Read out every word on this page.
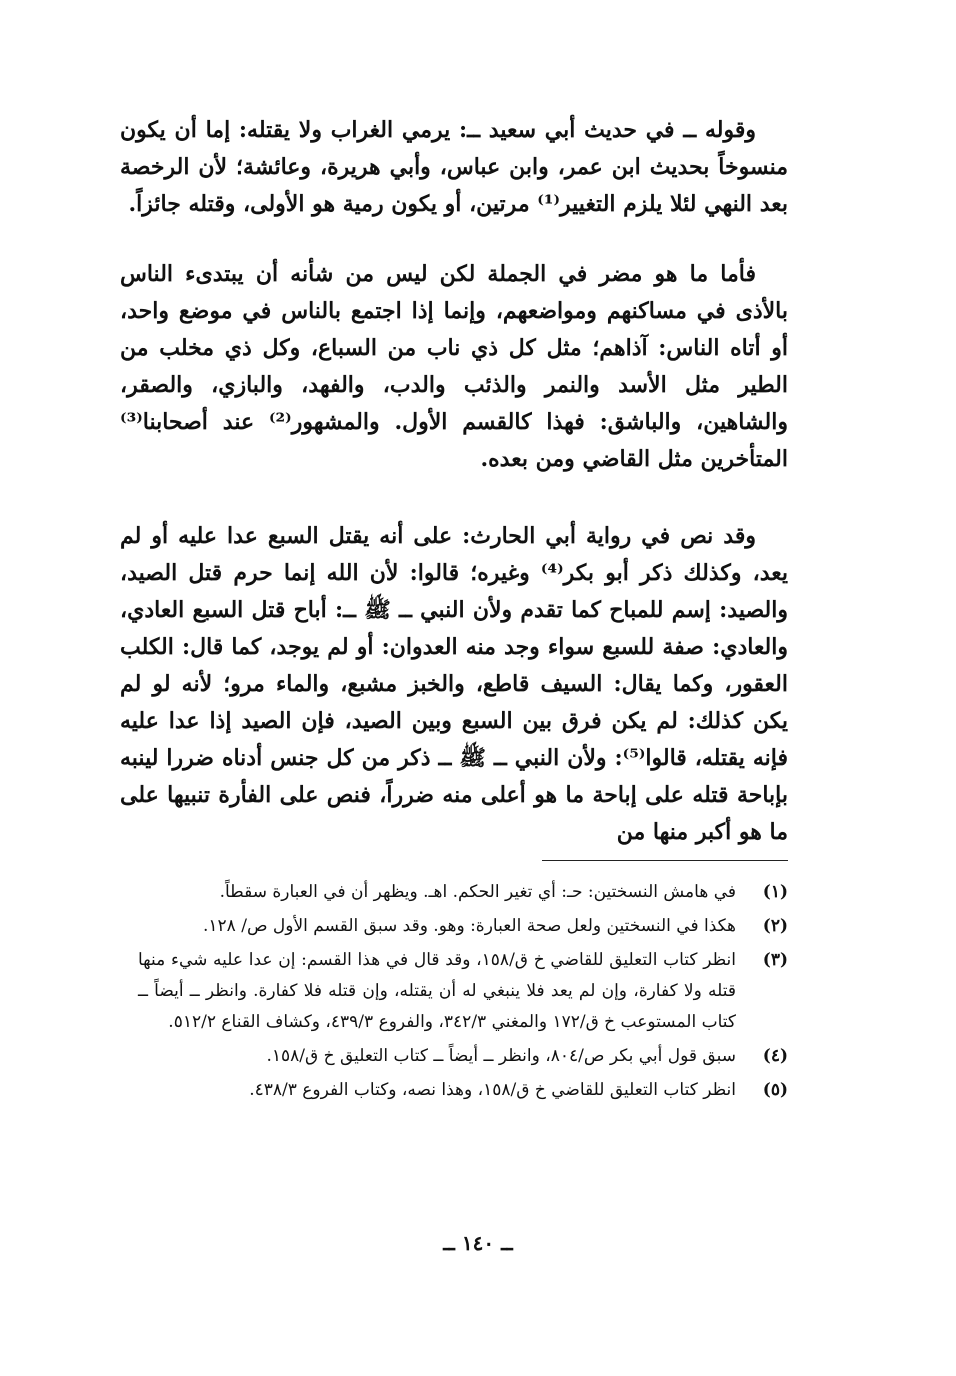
وقوله ــ في حديث أبي سعيد ــ: يرمي الغراب ولا يقتله: إما أن يكون منسوخاً بحديث ابن عمر، وابن عباس، وأبي هريرة، وعائشة؛ لأن الرخصة بعد النهي لئلا يلزم التغيير⁽¹⁾ مرتين، أو يكون رمية هو الأولى، وقتله جائزاً.

فأما ما هو مضر في الجملة لكن ليس من شأنه أن يبتدىء الناس بالأذى في مساكنهم ومواضعهم، وإنما إذا اجتمع بالناس في موضع واحد، أو أتاه الناس: آذاهم؛ مثل كل ذي ناب من السباع، وكل ذي مخلب من الطير مثل الأسد والنمر والذئب والدب، والفهد، والبازي، والصقر، والشاهين، والباشق: فهذا كالقسم الأول. والمشهور⁽²⁾ عند أصحابنا⁽³⁾ المتأخرين مثل القاضي ومن بعده.

وقد نص في رواية أبي الحارث: على أنه يقتل السبع عدا عليه أو لم يعد، وكذلك ذكر أبو بكر⁽⁴⁾ وغيره؛ قالوا: لأن الله إنما حرم قتل الصيد، والصيد: إسم للمباح كما تقدم ولأن النبي ــ ﷺ ــ: أباح قتل السبع العادي، والعادي: صفة للسبع سواء وجد منه العدوان: أو لم يوجد، كما قال: الكلب العقور، وكما يقال: السيف قاطع، والخبز مشبع، والماء مرو؛ لأنه لو لم يكن كذلك: لم يكن فرق بين السبع وبين الصيد، فإن الصيد إذا عدا عليه فإنه يقتله، قالوا⁽⁵⁾: ولأن النبي ــ ﷺ ــ ذكر من كل جنس أدناه ضررا لينبه بإباحة قتله على إباحة ما هو أعلى منه ضرراً، فنص على الفأرة تنبيها على ما هو أكبر منها من

(١)
في هامش النسختين: حـ: أي تغير الحكم. اهـ. ويظهر أن في العبارة سقطاً.
(٢)
هكذا في النسختين ولعل صحة العبارة: وهو. وقد سبق القسم الأول ص/ ١٢٨.
(٣)
انظر كتاب التعليق للقاضي خ ق/١٥٨، وقد قال في هذا القسم: إن عدا عليه شيء منها قتله ولا كفارة، وإن لم يعد فلا ينبغي له أن يقتله، وإن قتله فلا كفارة. وانظر ــ أيضاً ــ كتاب المستوعب خ ق/١٧٢ والمغني ٣٤٢/٣، والفروع ٤٣٩/٣، وكشاف القناع ٥١٢/٢.
(٤)
سبق قول أبي بكر ص/٨٠٤، وانظر ــ أيضاً ــ كتاب التعليق خ ق/١٥٨.
(٥)
انظر كتاب التعليق للقاضي خ ق/١٥٨، وهذا نصه، وكتاب الفروع ٤٣٨/٣.
ــ ١٤٠ ــ
